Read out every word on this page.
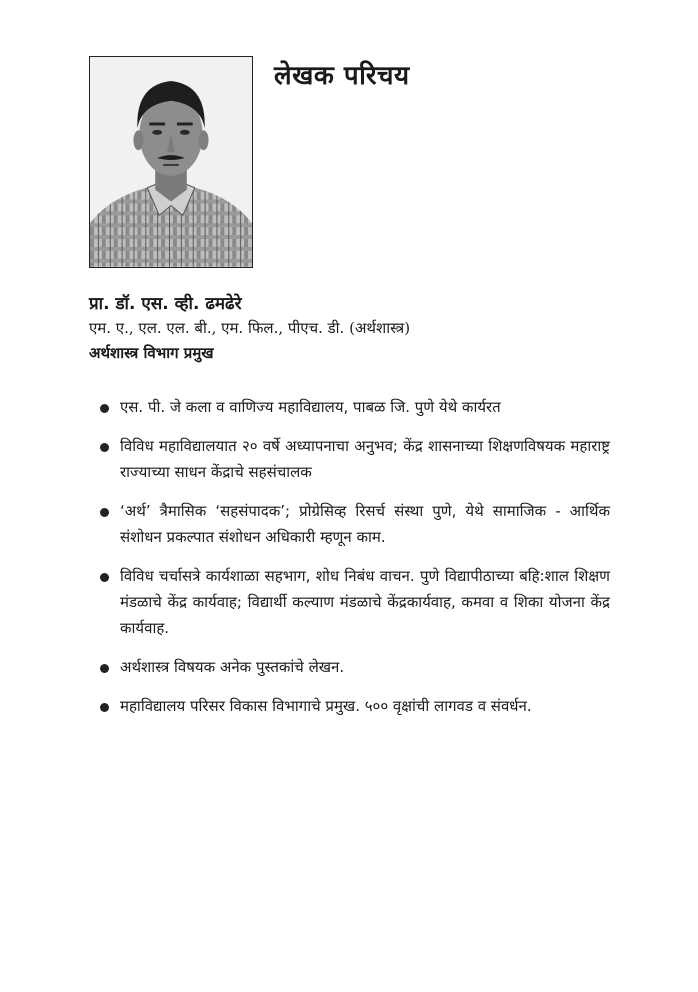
लेखक परिचय

प्रा. डॉ. एस. व्ही. ढमढेरे

एम. ए., एल. एल. बी., एम. फिल., पीएच. डी. (अर्थशास्त्र)

अर्थशास्त्र विभाग प्रमुख

एस. पी. जे कला व वाणिज्य महाविद्यालय, पाबळ जि. पुणे येथे कार्यरत
विविध महाविद्यालयात २० वर्षे अध्यापनाचा अनुभव; केंद्र शासनाच्या शिक्षणविषयक महाराष्ट्र राज्याच्या साधन केंद्राचे सहसंचालक
‘अर्थ’ त्रैमासिक ‘सहसंपादक’; प्रोग्रेसिव्ह रिसर्च संस्था पुणे, येथे सामाजिक - आर्थिक संशोधन प्रकल्पात संशोधन अधिकारी म्हणून काम.
विविध चर्चासत्रे कार्यशाळा सहभाग, शोध निबंध वाचन. पुणे विद्यापीठाच्या बहि:शाल शिक्षण मंडळाचे केंद्र कार्यवाह; विद्यार्थी कल्याण मंडळाचे केंद्रकार्यवाह, कमवा व शिका योजना केंद्र कार्यवाह.
अर्थशास्त्र विषयक अनेक पुस्तकांचे लेखन.
महाविद्यालय परिसर विकास विभागाचे प्रमुख. ५०० वृक्षांची लागवड व संवर्धन.
